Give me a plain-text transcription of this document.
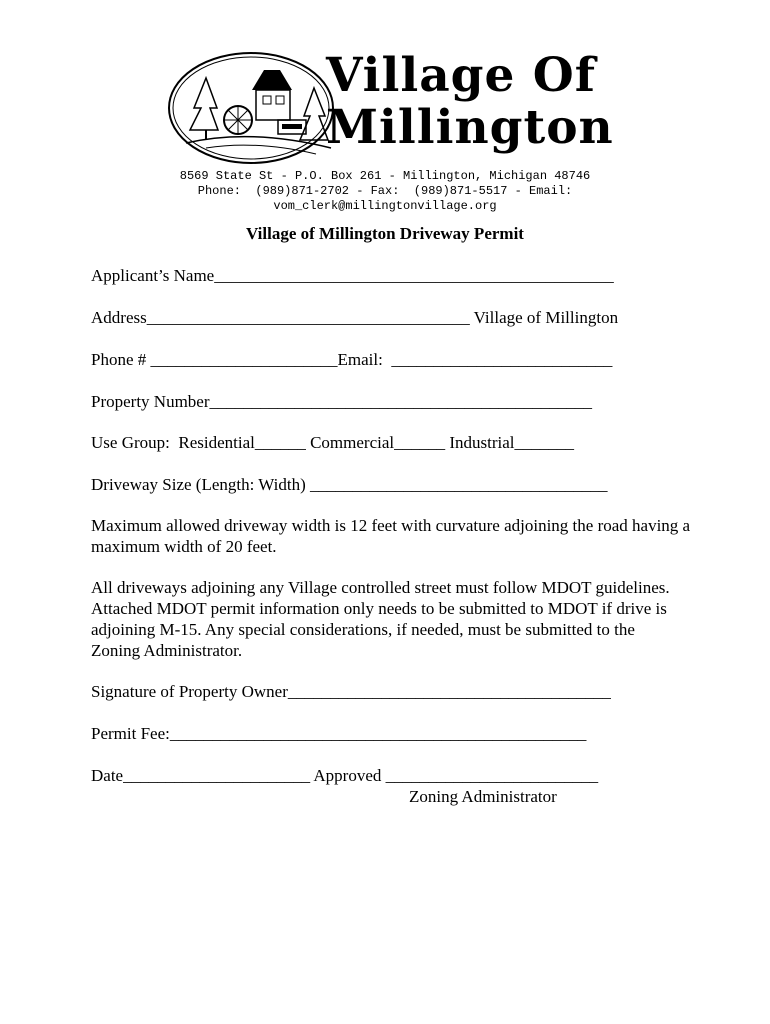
Village Of
Millington
8569 State St - P.O. Box 261 - Millington, Michigan 48746
Phone:  (989)871-2702 - Fax:  (989)871-5517 - Email:
vom_clerk@millingtonvillage.org
Village of Millington Driveway Permit
Applicant’s Name_______________________________________________
Address______________________________________ Village of Millington
Phone # ______________________Email:  __________________________
Property Number_____________________________________________
Use Group:  Residential______ Commercial______ Industrial_______
Driveway Size (Length: Width) ___________________________________
Maximum allowed driveway width is 12 feet with curvature adjoining the road having a maximum width of 20 feet.
All driveways adjoining any Village controlled street must follow MDOT guidelines. Attached MDOT permit information only needs to be submitted to MDOT if drive is adjoining M-15. Any special considerations, if needed, must be submitted to the Zoning Administrator.
Signature of Property Owner______________________________________
Permit Fee:_________________________________________________
Date______________________ Approved _________________________
Zoning Administrator
